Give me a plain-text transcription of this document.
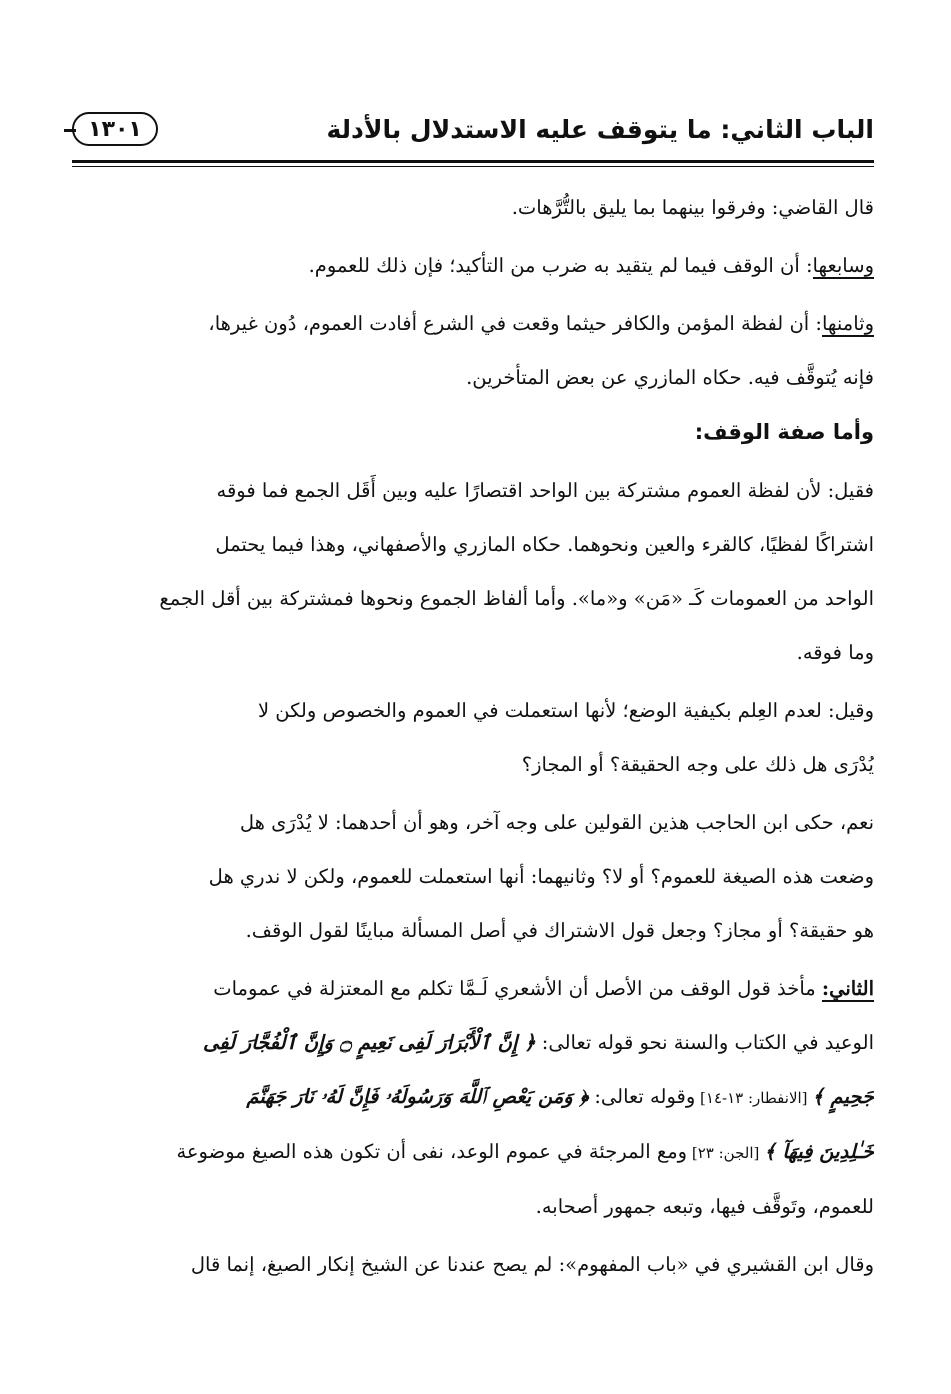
الباب الثاني: ما يتوقف عليه الاستدلال بالأدلة
١٣٠١

قال القاضي: وفرقوا بينهما بما يليق بالتُّرَّهات.

وسابعها: أن الوقف فيما لم يتقيد به ضرب من التأكيد؛ فإن ذلك للعموم.

وثامنها: أن لفظة المؤمن والكافر حيثما وقعت في الشرع أفادت العموم، دُون غيرها،

فإنه يُتوقَّف فيه. حكاه المازري عن بعض المتأخرين.

وأما صفة الوقف:

فقيل: لأن لفظة العموم مشتركة بين الواحد اقتصارًا عليه وبين أَقَل الجمع فما فوقه

اشتراكًا لفظيًا، كالقرء والعين ونحوهما. حكاه المازري والأصفهاني، وهذا فيما يحتمل

الواحد من العمومات كَـ «مَن» و«ما». وأما ألفاظ الجموع ونحوها فمشتركة بين أقل الجمع

وما فوقه.

وقيل: لعدم العِلم بكيفية الوضع؛ لأنها استعملت في العموم والخصوص ولكن لا

يُدْرَى هل ذلك على وجه الحقيقة؟ أو المجاز؟

نعم، حكى ابن الحاجب هذين القولين على وجه آخر، وهو أن أحدهما: لا يُدْرَى هل

وضعت هذه الصيغة للعموم؟ أو لا؟ وثانيهما: أنها استعملت للعموم، ولكن لا ندري هل

هو حقيقة؟ أو مجاز؟ وجعل قول الاشتراك في أصل المسألة مباينًا لقول الوقف.

الثاني: مأخذ قول الوقف من الأصل أن الأشعري لَـمَّا تكلم مع المعتزلة في عمومات

الوعيد في الكتاب والسنة نحو قوله تعالى: ﴿ إِنَّ ٱلْأَبْرَارَ لَفِى نَعِيمٍ ۝ وَإِنَّ ٱلْفُجَّارَ لَفِى

جَحِيمٍ ﴾ [الانفطار: ١٣-١٤] وقوله تعالى: ﴿ وَمَن يَعْصِ ٱللَّهَ وَرَسُولَهُۥ فَإِنَّ لَهُۥ نَارَ جَهَنَّمَ

خَـٰلِدِينَ فِيهَآ ﴾ [الجن: ٢٣] ومع المرجئة في عموم الوعد، نفى أن تكون هذه الصيغ موضوعة

للعموم، وتَوقَّف فيها، وتبعه جمهور أصحابه.

وقال ابن القشيري في «باب المفهوم»: لم يصح عندنا عن الشيخ إنكار الصيغ، إنما قال
